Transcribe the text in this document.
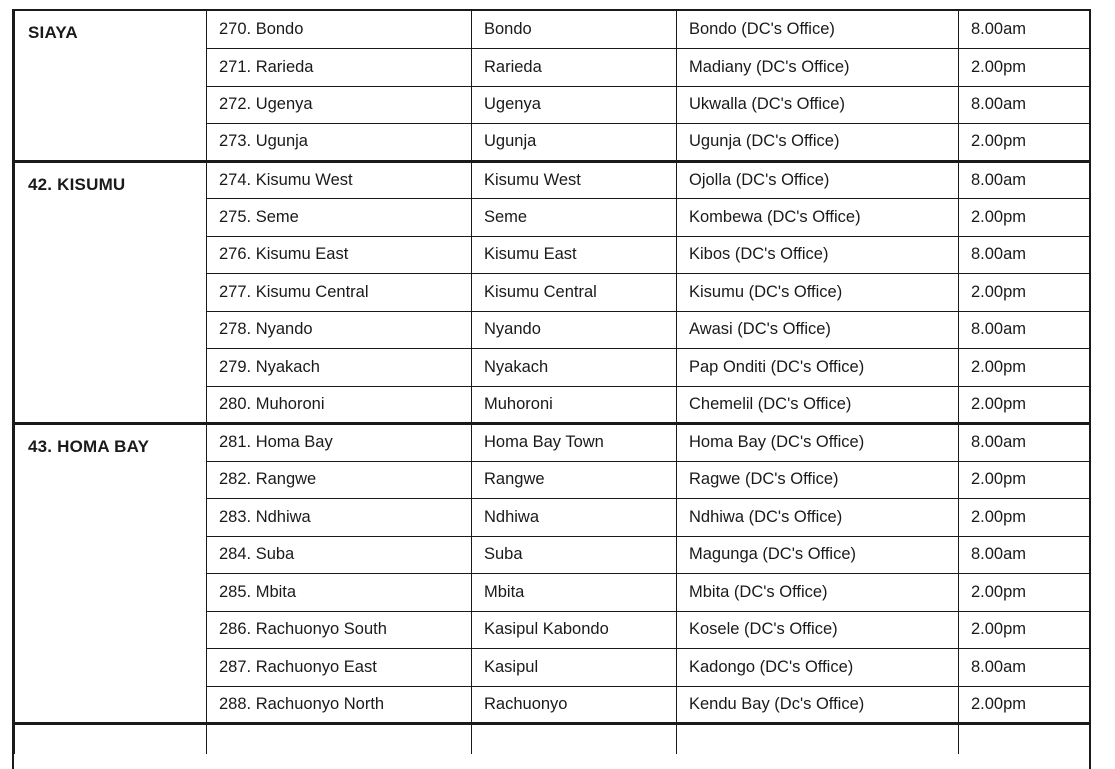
SIAYA	270. Bondo	Bondo	Bondo (DC's Office)	8.00am
	271. Rarieda	Rarieda	Madiany (DC's Office)	2.00pm
	272. Ugenya	Ugenya	Ukwalla (DC's Office)	8.00am
	273. Ugunja	Ugunja	Ugunja (DC's Office)	2.00pm
42. KISUMU	274. Kisumu West	Kisumu West	Ojolla (DC's Office)	8.00am
	275. Seme	Seme	Kombewa (DC's Office)	2.00pm
	276. Kisumu East	Kisumu East	Kibos (DC's Office)	8.00am
	277. Kisumu Central	Kisumu Central	Kisumu (DC's Office)	2.00pm
	278. Nyando	Nyando	Awasi (DC's Office)	8.00am
	279. Nyakach	Nyakach	Pap Onditi (DC's Office)	2.00pm
	280. Muhoroni	Muhoroni	Chemelil (DC's Office)	2.00pm
43. HOMA BAY	281. Homa Bay	Homa Bay Town	Homa Bay (DC's Office)	8.00am
	282. Rangwe	Rangwe	Ragwe (DC's Office)	2.00pm
	283. Ndhiwa	Ndhiwa	Ndhiwa (DC's Office)	2.00pm
	284. Suba	Suba	Magunga (DC's Office)	8.00am
	285. Mbita	Mbita	Mbita (DC's Office)	2.00pm
	286. Rachuonyo South	Kasipul Kabondo	Kosele (DC's Office)	2.00pm
	287. Rachuonyo East	Kasipul	Kadongo (DC's Office)	8.00am
	288. Rachuonyo North	Rachuonyo	Kendu Bay (Dc's Office)	2.00pm
